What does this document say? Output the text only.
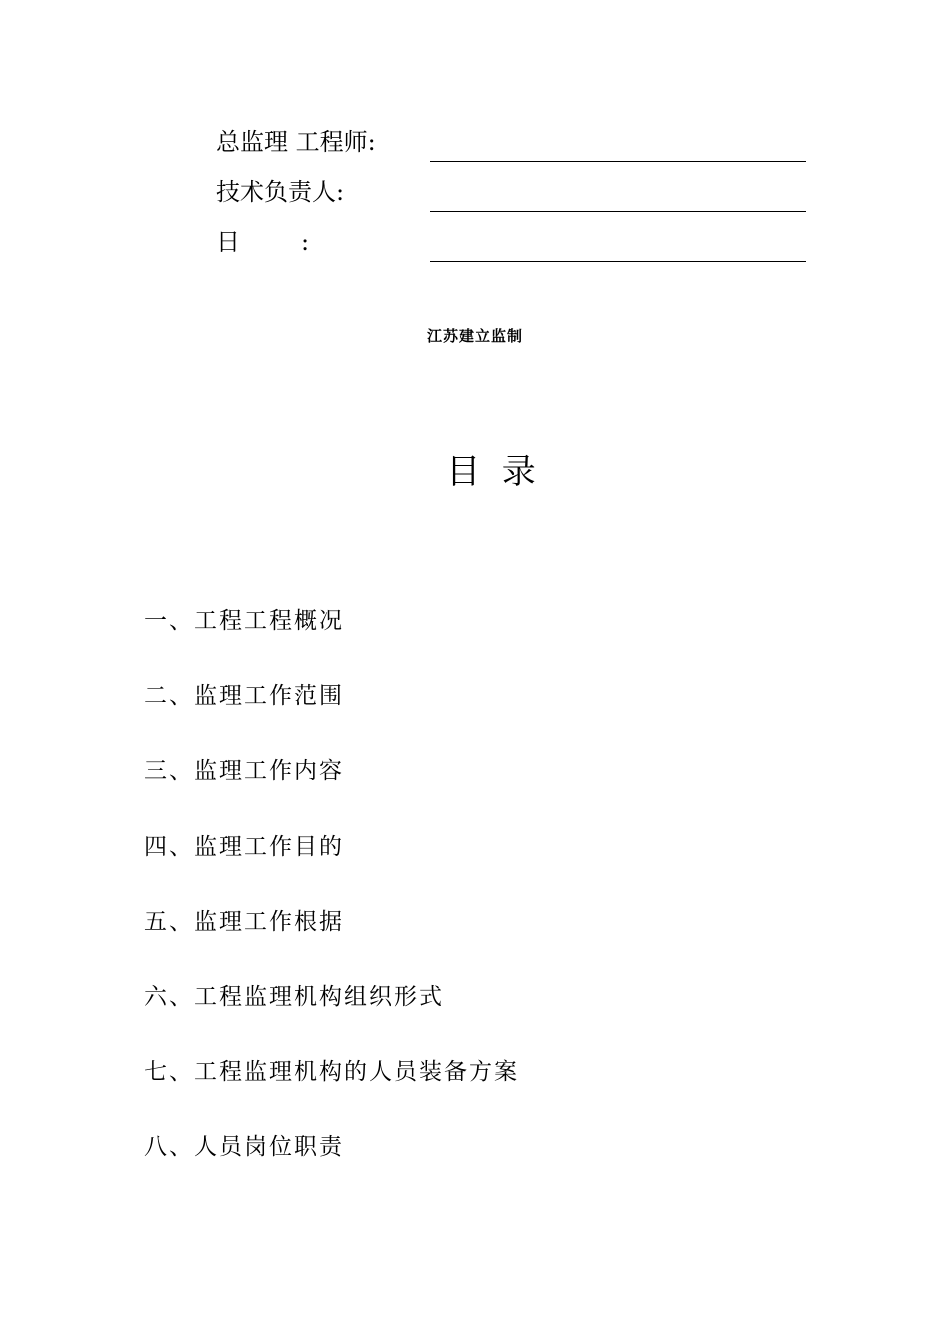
总监理 工程师:
技术负责人:
日        :
江苏建立监制
目  录
一、工程工程概况
二、监理工作范围
三、监理工作内容
四、监理工作目的
五、监理工作根据
六、工程监理机构组织形式
七、工程监理机构的人员装备方案
八、人员岗位职责
